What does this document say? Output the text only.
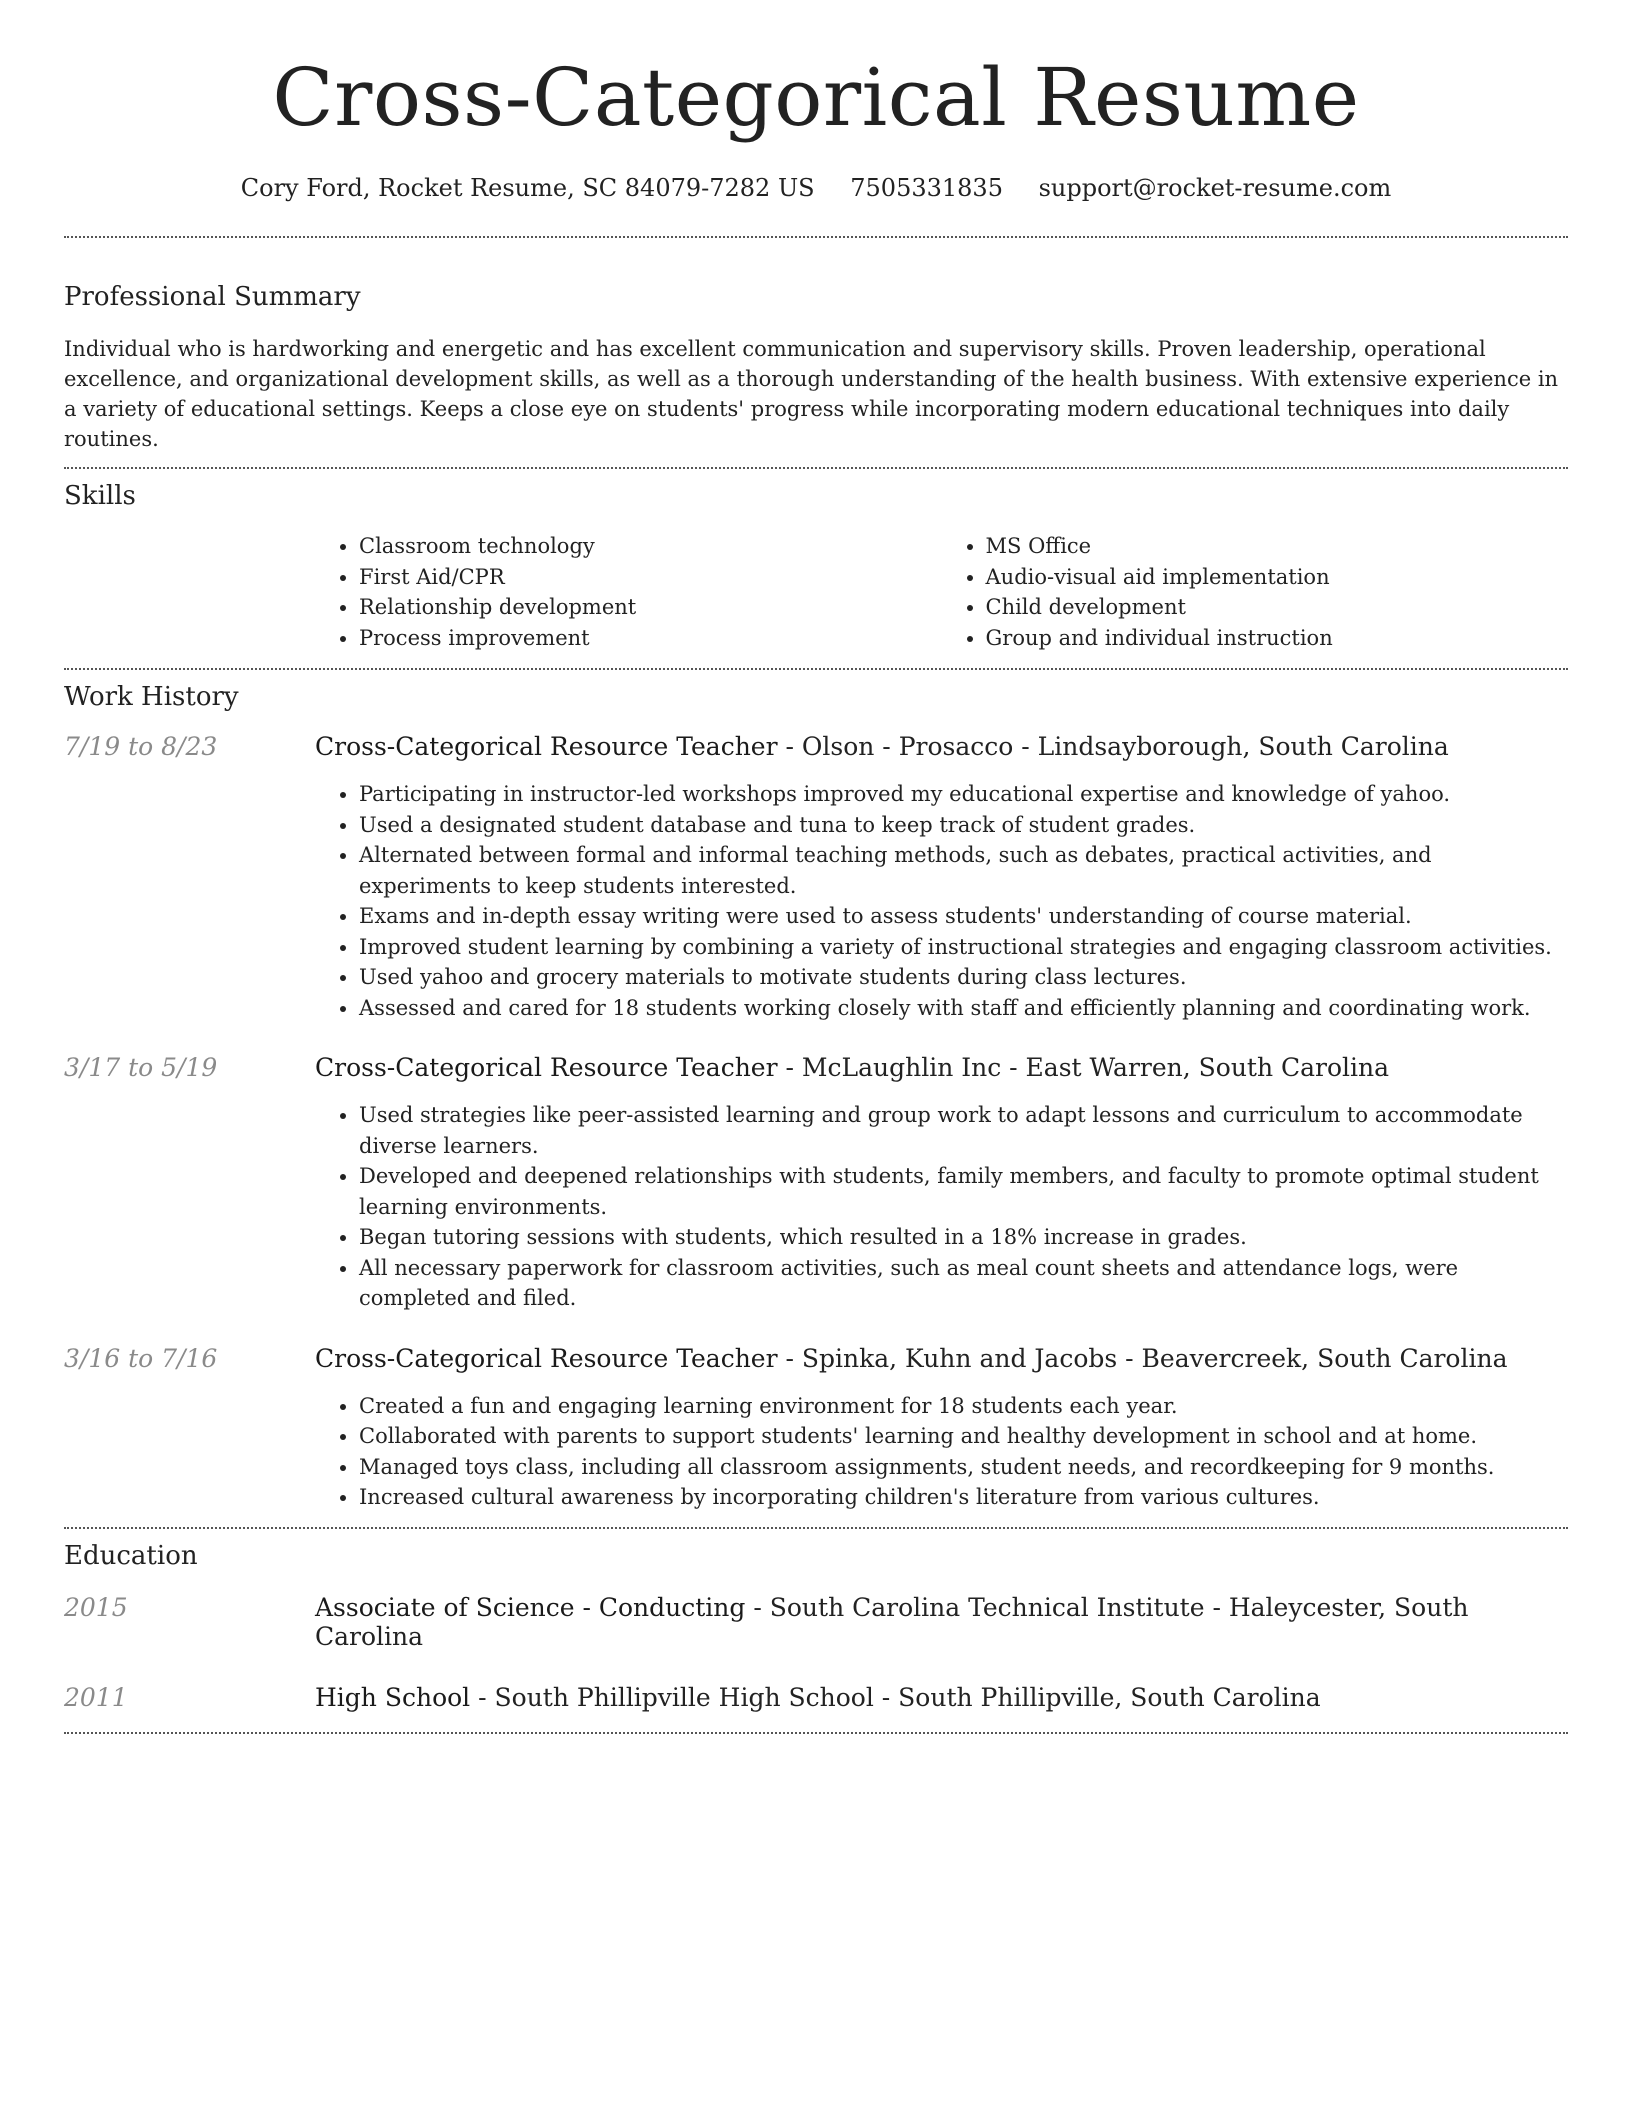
Cross-Categorical Resume
Cory Ford, Rocket Resume, SC 84079-7282 US 7505331835 support@rocket-resume.com
Professional Summary

Individual who is hardworking and energetic and has excellent communication and supervisory skills. Proven leadership, operational excellence, and organizational development skills, as well as a thorough understanding of the health business. With extensive experience in a variety of educational settings. Keeps a close eye on students' progress while incorporating modern educational techniques into daily routines.

Skills
• Classroom technology
• First Aid/CPR
• Relationship development
• Process improvement
• MS Office
• Audio-visual aid implementation
• Child development
• Group and individual instruction
Work History
7/19 to 8/23	Cross-Categorical Resource Teacher - Olson - Prosacco - Lindsayborough, South Carolina
• Participating in instructor-led workshops improved my educational expertise and knowledge of yahoo.
• Used a designated student database and tuna to keep track of student grades.
• Alternated between formal and informal teaching methods, such as debates, practical activities, and experiments to keep students interested.
• Exams and in-depth essay writing were used to assess students' understanding of course material.
• Improved student learning by combining a variety of instructional strategies and engaging classroom activities.
• Used yahoo and grocery materials to motivate students during class lectures.
• Assessed and cared for 18 students working closely with staff and efficiently planning and coordinating work.
3/17 to 5/19	Cross-Categorical Resource Teacher - McLaughlin Inc - East Warren, South Carolina
• Used strategies like peer-assisted learning and group work to adapt lessons and curriculum to accommodate diverse learners.
• Developed and deepened relationships with students, family members, and faculty to promote optimal student learning environments.
• Began tutoring sessions with students, which resulted in a 18% increase in grades.
• All necessary paperwork for classroom activities, such as meal count sheets and attendance logs, were completed and filed.
3/16 to 7/16	Cross-Categorical Resource Teacher - Spinka, Kuhn and Jacobs - Beavercreek, South Carolina
• Created a fun and engaging learning environment for 18 students each year.
• Collaborated with parents to support students' learning and healthy development in school and at home.
• Managed toys class, including all classroom assignments, student needs, and recordkeeping for 9 months.
• Increased cultural awareness by incorporating children's literature from various cultures.
Education
2015	Associate of Science - Conducting - South Carolina Technical Institute - Haleycester, South Carolina
2011	High School - South Phillipville High School - South Phillipville, South Carolina
